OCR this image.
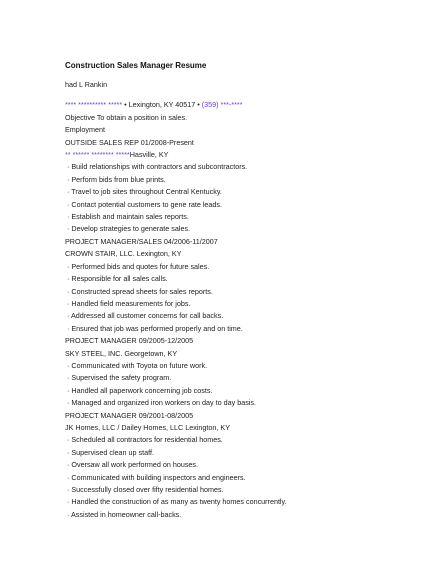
Construction Sales Manager Resume
had L Rankin
**** ********** ***** • Lexington, KY 40517 • (359) ***-****
Objective To obtain a position in sales.
Employment
OUTSIDE SALES REP 01/2008-Present
** ****** ******** *****Hasville, KY
· Build relationships with contractors and subcontractors.
· Perform bids from blue prints.
· Travel to job sites throughout Central Kentucky.
· Contact potential customers to gene rate leads.
· Establish and maintain sales reports.
· Develop strategies to generate sales.
PROJECT MANAGER/SALES 04/2006-11/2007
CROWN STAIR, LLC. Lexington, KY
· Performed bids and quotes for future sales.
· Responsible for all sales calls.
· Constructed spread sheets for sales reports.
· Handled field measurements for jobs.
· Addressed all customer concerns for call backs.
· Ensured that job was performed properly and on time.
PROJECT MANAGER 09/2005-12/2005
SKY STEEL, INC. Georgetown, KY
· Communicated with Toyota on future work.
· Supervised the safety program.
· Handled all paperwork concerning job costs.
· Managed and organized iron workers on day to day basis.
PROJECT MANAGER 09/2001-08/2005
JK Homes, LLC / Dailey Homes, LLC Lexington, KY
· Scheduled all contractors for residential homes.
· Supervised clean up staff.
· Oversaw all work performed on houses.
· Communicated with building inspectors and engineers.
· Successfully closed over fifty residential homes.
· Handled the construction of as many as twenty homes concurrently.
· Assisted in homeowner call-backs.
